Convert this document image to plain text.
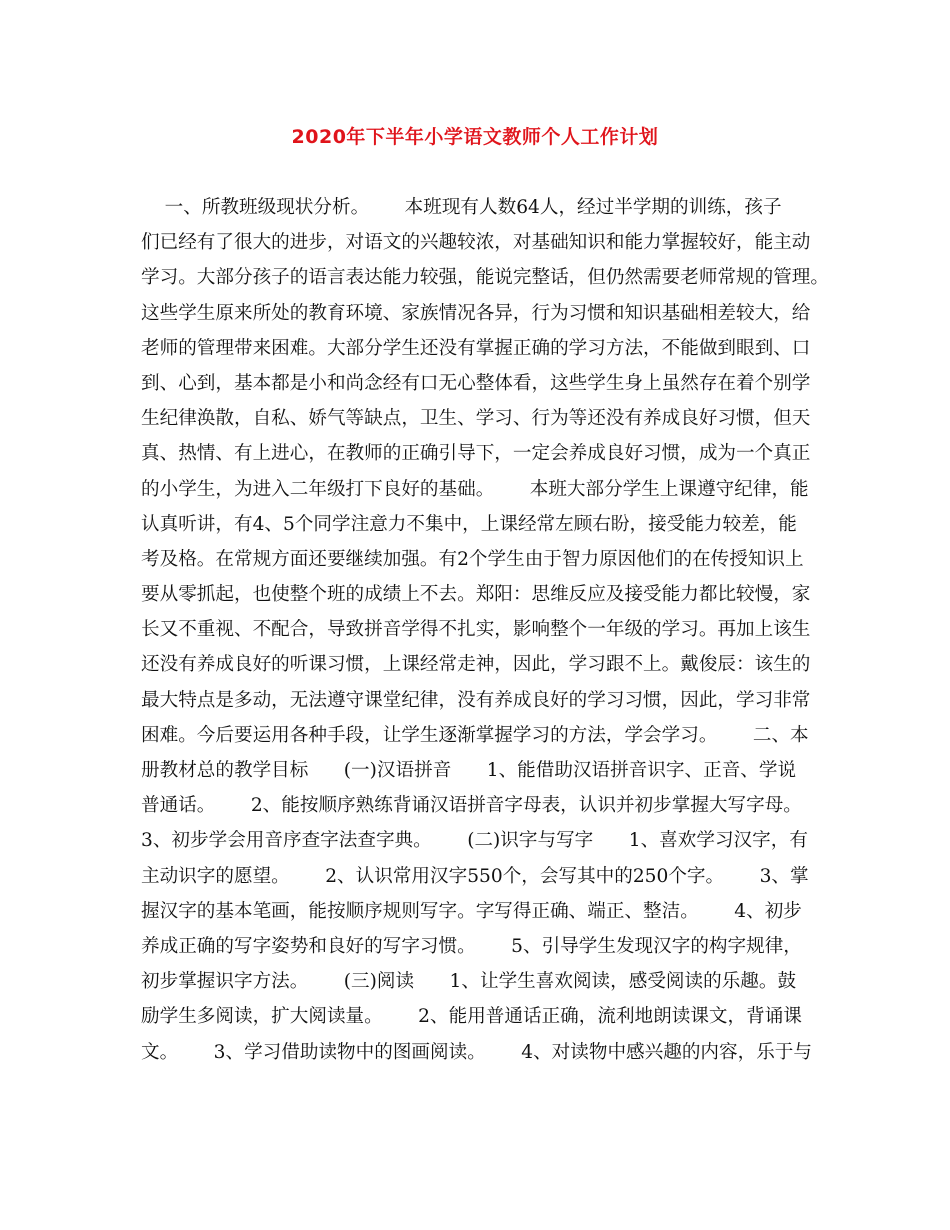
2020年下半年小学语文教师个人工作计划
一、所教班级现状分析。      本班现有人数64人，经过半学期的训练，孩子
们已经有了很大的进步，对语文的兴趣较浓，对基础知识和能力掌握较好，能主动
学习。大部分孩子的语言表达能力较强，能说完整话，但仍然需要老师常规的管理。
这些学生原来所处的教育环境、家族情况各异，行为习惯和知识基础相差较大，给
老师的管理带来困难。大部分学生还没有掌握正确的学习方法，不能做到眼到、口
到、心到，基本都是小和尚念经有口无心整体看，这些学生身上虽然存在着个别学
生纪律涣散，自私、娇气等缺点，卫生、学习、行为等还没有养成良好习惯，但天
真、热情、有上进心，在教师的正确引导下，一定会养成良好习惯，成为一个真正
的小学生，为进入二年级打下良好的基础。      本班大部分学生上课遵守纪律，能
认真听讲，有4、5个同学注意力不集中，上课经常左顾右盼，接受能力较差，能
考及格。在常规方面还要继续加强。有2个学生由于智力原因他们的在传授知识上
要从零抓起，也使整个班的成绩上不去。郑阳：思维反应及接受能力都比较慢，家
长又不重视、不配合，导致拼音学得不扎实，影响整个一年级的学习。再加上该生
还没有养成良好的听课习惯，上课经常走神，因此，学习跟不上。戴俊辰：该生的
最大特点是多动，无法遵守课堂纪律，没有养成良好的学习习惯，因此，学习非常
困难。今后要运用各种手段，让学生逐渐掌握学习的方法，学会学习。      二、本
册教材总的教学目标      (一)汉语拼音      1、能借助汉语拼音识字、正音、学说
普通话。      2、能按顺序熟练背诵汉语拼音字母表，认识并初步掌握大写字母。
3、初步学会用音序查字法查字典。      (二)识字与写字      1、喜欢学习汉字，有
主动识字的愿望。      2、认识常用汉字550个，会写其中的250个字。      3、掌
握汉字的基本笔画，能按顺序规则写字。字写得正确、端正、整洁。      4、初步
养成正确的写字姿势和良好的写字习惯。      5、引导学生发现汉字的构字规律，
初步掌握识字方法。      (三)阅读      1、让学生喜欢阅读，感受阅读的乐趣。鼓
励学生多阅读，扩大阅读量。      2、能用普通话正确，流利地朗读课文，背诵课
文。      3、学习借助读物中的图画阅读。      4、对读物中感兴趣的内容，乐于与
